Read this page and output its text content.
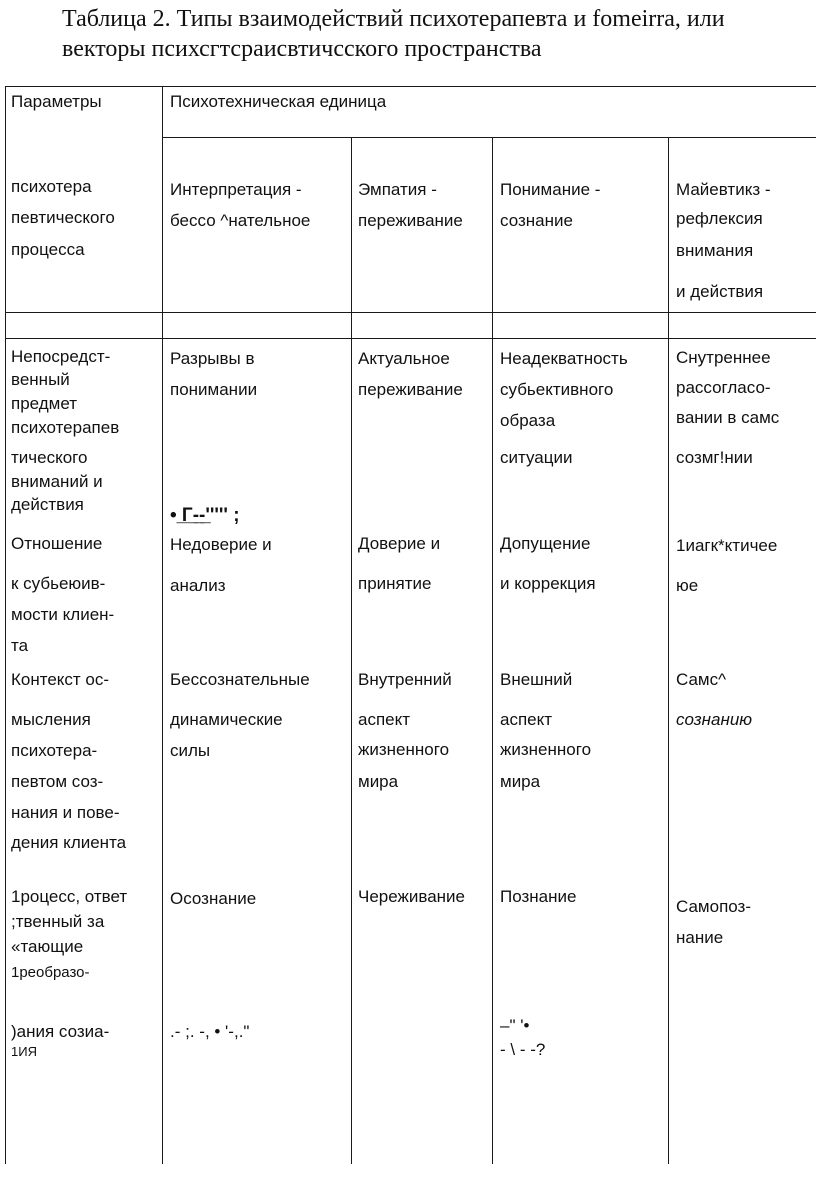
Таблица 2. Типы взаимодействий психотерапевта и fomeirra, или
векторы психсгтсраисвтичсского пространства
Параметры	Психотехническая единица
психотера
певтического
процесса
Интерпретация -
бессо ^нательное
Эмпатия -
переживание
Понимание -
сознание
Майевтикз -
рефлексия
внимания
и действия
Непосредст-
венный
предмет
психотерапев
тического
вниманий и
действия
Разрывы в
понимании
• ̲Г̲-̲-̲''''' ;
Актуальное
переживание
Неадекватность
субьективного
образа
ситуации
Снутреннее
рассогласо-
вании в самс
созмг!нии
Отношение
к субьеюив-
мости клиен-
та
Недоверие и
анализ
Доверие и
принятие
Допущение
и коррекция
1иагк*ктичее
юе
Контекст ос-
мысления
психотера-
певтом соз-
нания и пове-
дения клиента
Бессознательные
динамические
силы
Внутренний
аспект
жизненного
мира
Внешний
аспект
жизненного
мира
Самс^
сознанию
1роцесс, ответ
;твенный за
«тающие
1реобразо-
)ания созиа-
1ИЯ
Осознание
.- ;. -, • '-,."
Череживание Познание
–" '•
- \ - -?
Самопоз-
нание
